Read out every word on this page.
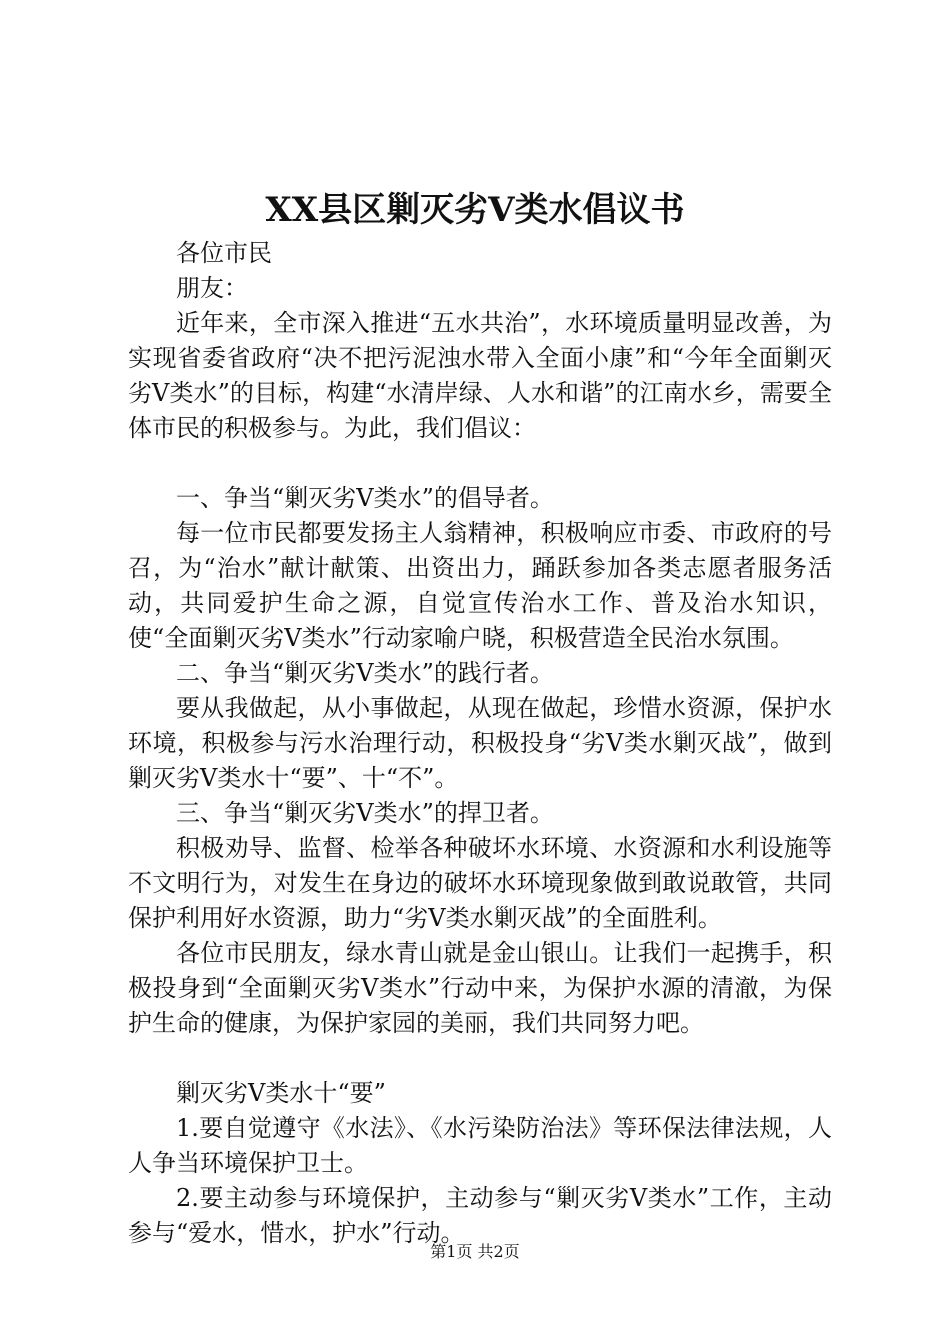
XX县区剿灭劣Ⅴ类水倡议书

各位市民

朋友：

近年来，全市深入推进“五水共治”，水环境质量明显改善，为实现省委省政府“决不把污泥浊水带入全面小康”和“今年全面剿灭劣Ⅴ类水”的目标，构建“水清岸绿、人水和谐”的江南水乡，需要全体市民的积极参与。为此，我们倡议：

一、争当“剿灭劣Ⅴ类水”的倡导者。

每一位市民都要发扬主人翁精神，积极响应市委、市政府的号召，为“治水”献计献策、出资出力，踊跃参加各类志愿者服务活动，共同爱护生命之源，自觉宣传治水工作、普及治水知识，使“全面剿灭劣Ⅴ类水”行动家喻户晓，积极营造全民治水氛围。

二、争当“剿灭劣Ⅴ类水”的践行者。

要从我做起，从小事做起，从现在做起，珍惜水资源，保护水环境，积极参与污水治理行动，积极投身“劣Ⅴ类水剿灭战”，做到剿灭劣Ⅴ类水十“要”、十“不”。

三、争当“剿灭劣Ⅴ类水”的捍卫者。

积极劝导、监督、检举各种破坏水环境、水资源和水利设施等不文明行为，对发生在身边的破坏水环境现象做到敢说敢管，共同保护利用好水资源，助力“劣Ⅴ类水剿灭战”的全面胜利。

各位市民朋友，绿水青山就是金山银山。让我们一起携手，积极投身到“全面剿灭劣Ⅴ类水”行动中来，为保护水源的清澈，为保护生命的健康，为保护家园的美丽，我们共同努力吧。

剿灭劣Ⅴ类水十“要”

1.要自觉遵守《水法》、《水污染防治法》等环保法律法规，人人争当环境保护卫士。

2.要主动参与环境保护，主动参与“剿灭劣Ⅴ类水”工作，主动参与“爱水，惜水，护水”行动。

第1页 共2页
